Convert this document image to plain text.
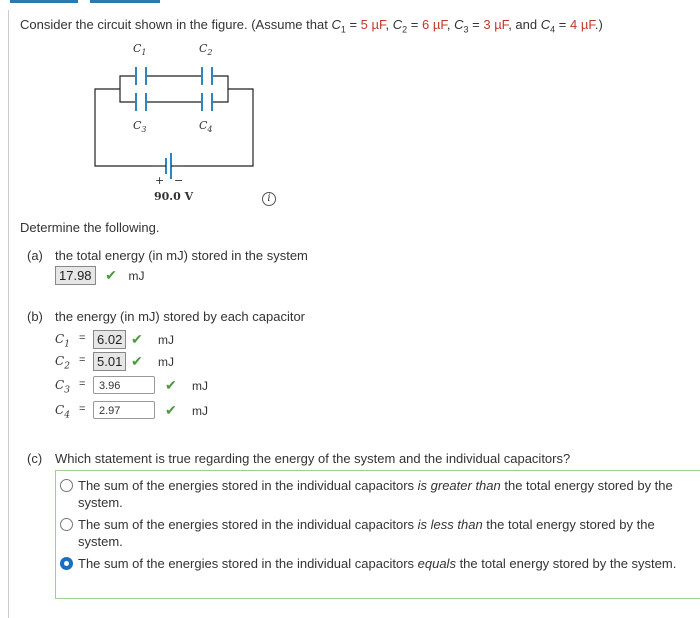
Consider the circuit shown in the figure. (Assume that $C_1 = 5$ µF, $C_2 = 6$ µF, $C_3 = 3$ µF, and $C_4 = 4$ µF.)
$C_1$	$C_2$
$C_3$	$C_4$
+ −
90.0 V	i
Determine the following.
(a) the total energy (in mJ) stored in the system
17.98 ✔ mJ
(b) the energy (in mJ) stored by each capacitor
$C_1$
= 6.02 ✔ mJ
$C_2$
= 5.01 ✔ mJ
$C_3$
=	3.96	✔ mJ
$C_4$
=	2.97	✔ mJ
(c) Which statement is true regarding the energy of the system and the individual capacitors?
The sum of the energies stored in the individual capacitors is greater than the total energy stored by the system.
The sum of the energies stored in the individual capacitors is less than the total energy stored by the system.
The sum of the energies stored in the individual capacitors equals the total energy stored by the system.
